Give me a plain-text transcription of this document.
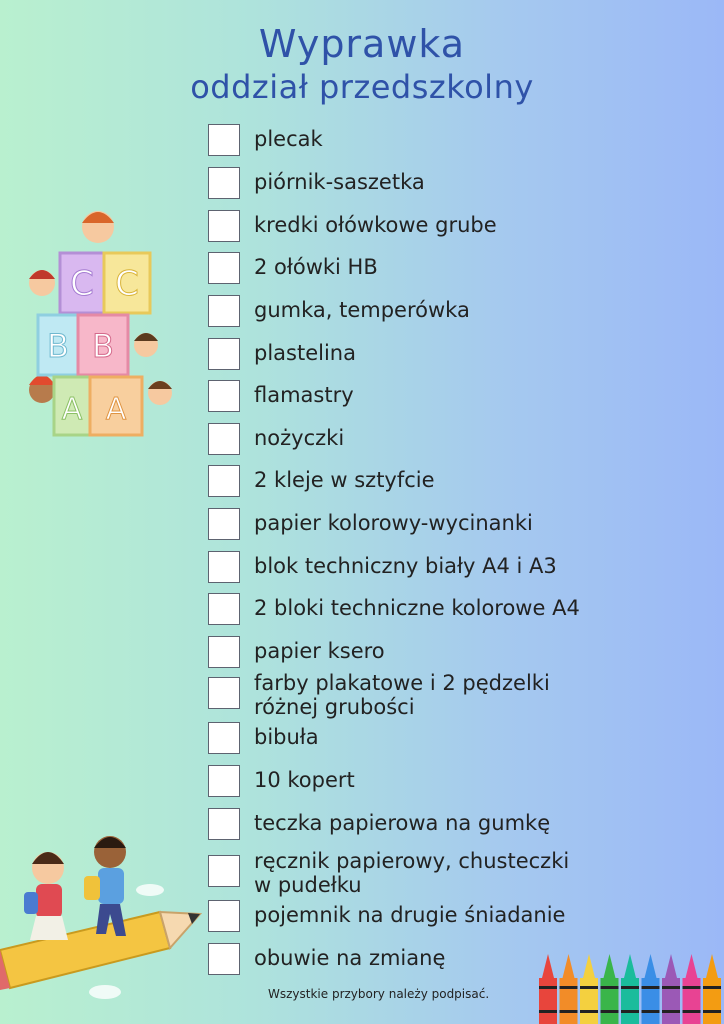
Wyprawka
oddział przedszkolny
plecak
piórnik-saszetka
kredki ołówkowe grube
2 ołówki HB
gumka, temperówka
plastelina
flamastry
nożyczki
2 kleje w sztyfcie
papier kolorowy-wycinanki
blok techniczny biały A4 i A3
2 bloki techniczne kolorowe A4
papier ksero
farby plakatowe i 2 pędzelki
różnej grubości
bibuła
10 kopert
teczka papierowa na gumkę
ręcznik papierowy, chusteczki
w pudełku
pojemnik na drugie śniadanie
obuwie na zmianę
C C
B B
A A
Wszystkie przybory należy podpisać.
